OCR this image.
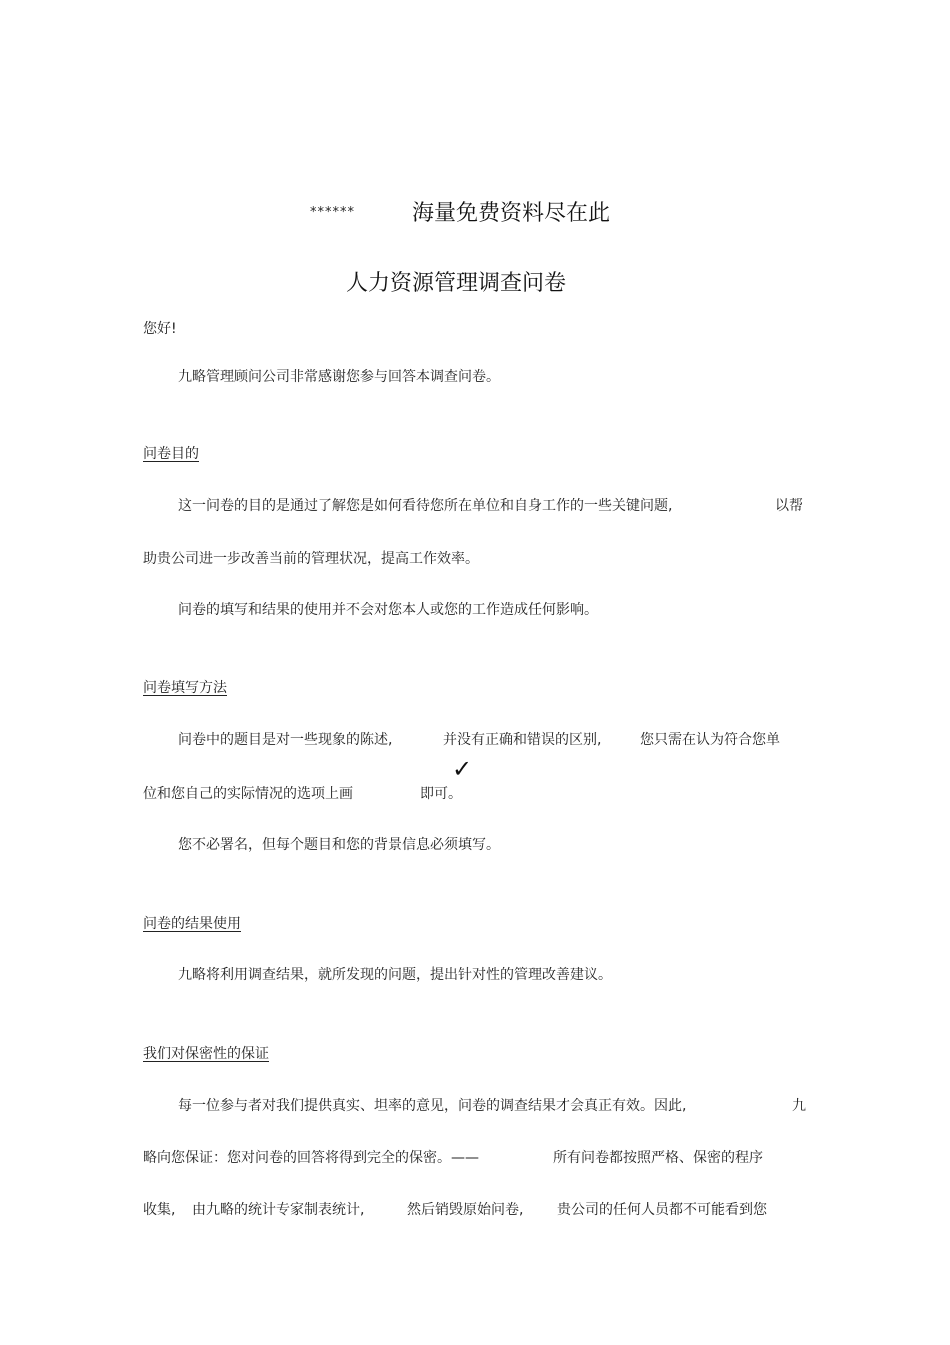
******	海量免费资料尽在此
人力资源管理调查问卷
您好!
九略管理顾问公司非常感谢您参与回答本调查问卷。
问卷目的
这一问卷的目的是通过了解您是如何看待您所在单位和自身工作的一些关键问题,	以帮
助贵公司进一步改善当前的管理状况，提高工作效率。
问卷的填写和结果的使用并不会对您本人或您的工作造成任何影响。
问卷填写方法
问卷中的题目是对一些现象的陈述,	并没有正确和错误的区别,	您只需在认为符合您单
✓
位和您自己的实际情况的选项上画	即可。
您不必署名，但每个题目和您的背景信息必须填写。
问卷的结果使用
九略将利用调查结果，就所发现的问题，提出针对性的管理改善建议。
我们对保密性的保证
每一位参与者对我们提供真实、坦率的意见，问卷的调查结果才会真正有效。因此,	九
略向您保证：您对问卷的回答将得到完全的保密。——	所有问卷都按照严格、保密的程序
收集, 由九略的统计专家制表统计,	然后销毁原始问卷, 贵公司的任何人员都不可能看到您
